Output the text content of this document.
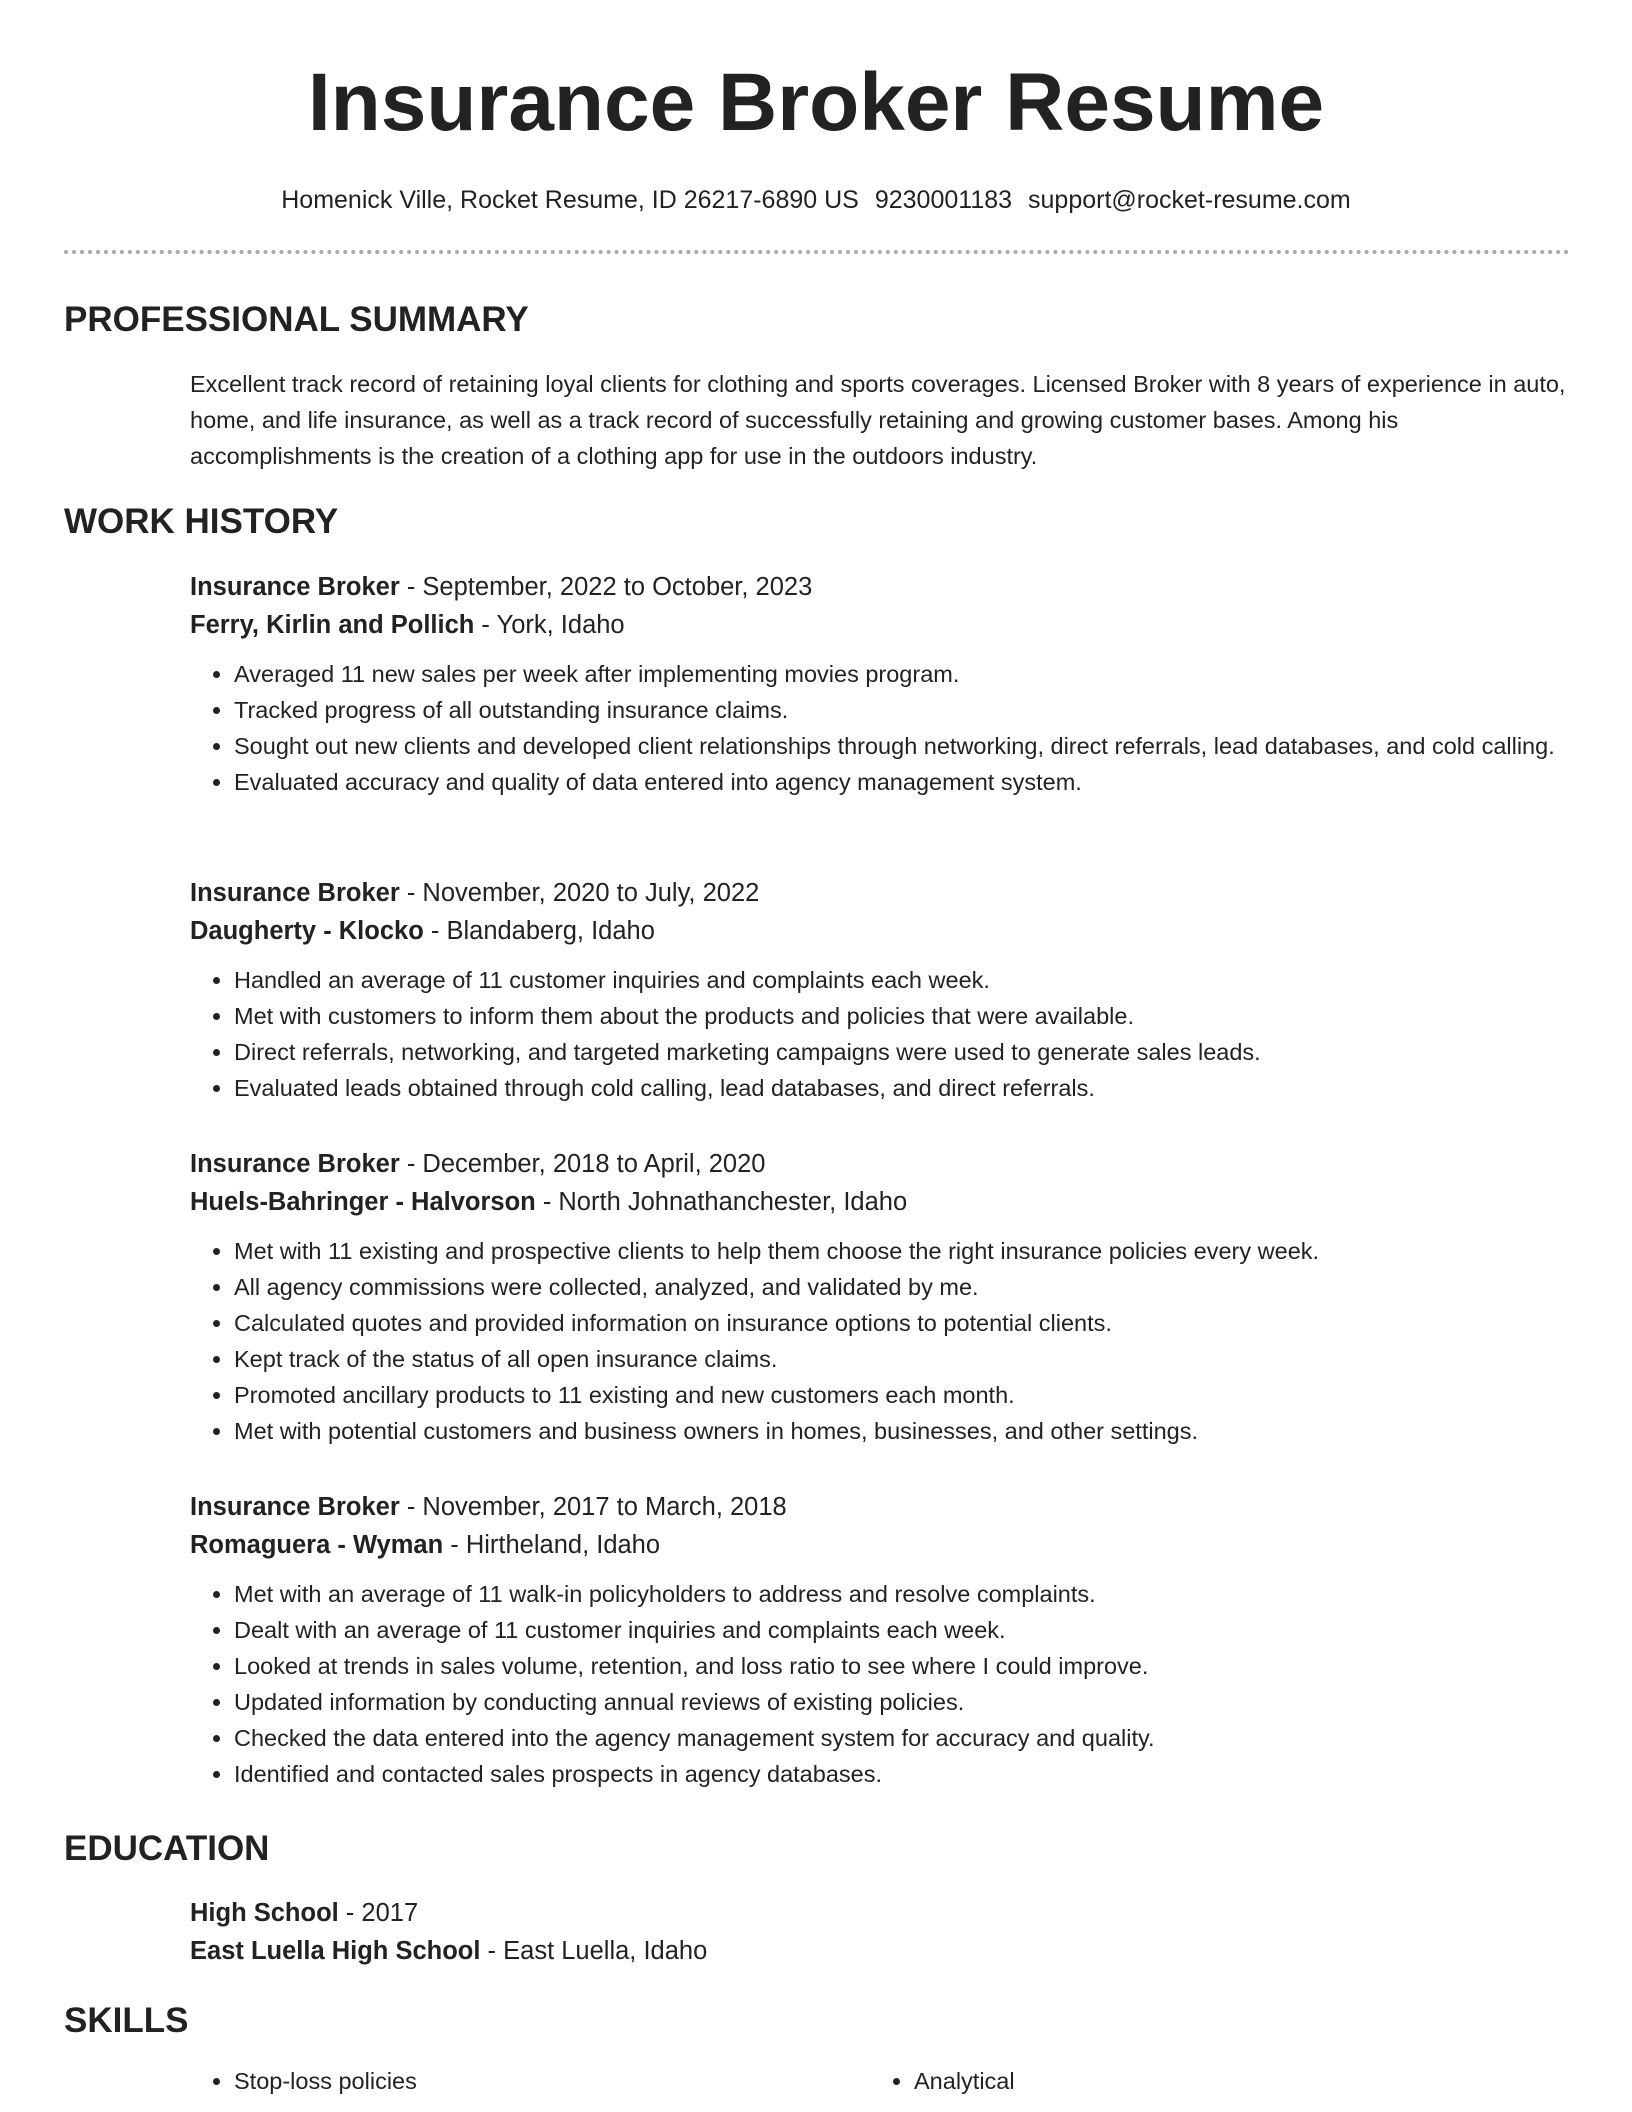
Insurance Broker Resume
Homenick Ville, Rocket Resume, ID 26217-6890 US 9230001183 support@rocket-resume.com
PROFESSIONAL SUMMARY

Excellent track record of retaining loyal clients for clothing and sports coverages. Licensed Broker with 8 years of experience in auto, home, and life insurance, as well as a track record of successfully retaining and growing customer bases. Among his accomplishments is the creation of a clothing app for use in the outdoors industry.

WORK HISTORY
Insurance Broker - September, 2022 to October, 2023
Ferry, Kirlin and Pollich - York, Idaho
• Averaged 11 new sales per week after implementing movies program.
• Tracked progress of all outstanding insurance claims.
• Sought out new clients and developed client relationships through networking, direct referrals, lead databases, and cold calling.
• Evaluated accuracy and quality of data entered into agency management system.
Insurance Broker - November, 2020 to July, 2022
Daugherty - Klocko - Blandaberg, Idaho
• Handled an average of 11 customer inquiries and complaints each week.
• Met with customers to inform them about the products and policies that were available.
• Direct referrals, networking, and targeted marketing campaigns were used to generate sales leads.
• Evaluated leads obtained through cold calling, lead databases, and direct referrals.
Insurance Broker - December, 2018 to April, 2020
Huels-Bahringer - Halvorson - North Johnathanchester, Idaho
• Met with 11 existing and prospective clients to help them choose the right insurance policies every week.
• All agency commissions were collected, analyzed, and validated by me.
• Calculated quotes and provided information on insurance options to potential clients.
• Kept track of the status of all open insurance claims.
• Promoted ancillary products to 11 existing and new customers each month.
• Met with potential customers and business owners in homes, businesses, and other settings.
Insurance Broker - November, 2017 to March, 2018
Romaguera - Wyman - Hirtheland, Idaho
• Met with an average of 11 walk-in policyholders to address and resolve complaints.
• Dealt with an average of 11 customer inquiries and complaints each week.
• Looked at trends in sales volume, retention, and loss ratio to see where I could improve.
• Updated information by conducting annual reviews of existing policies.
• Checked the data entered into the agency management system for accuracy and quality.
• Identified and contacted sales prospects in agency databases.
EDUCATION
High School - 2017
East Luella High School - East Luella, Idaho
SKILLS
• Stop-loss policies
•	Analytical
